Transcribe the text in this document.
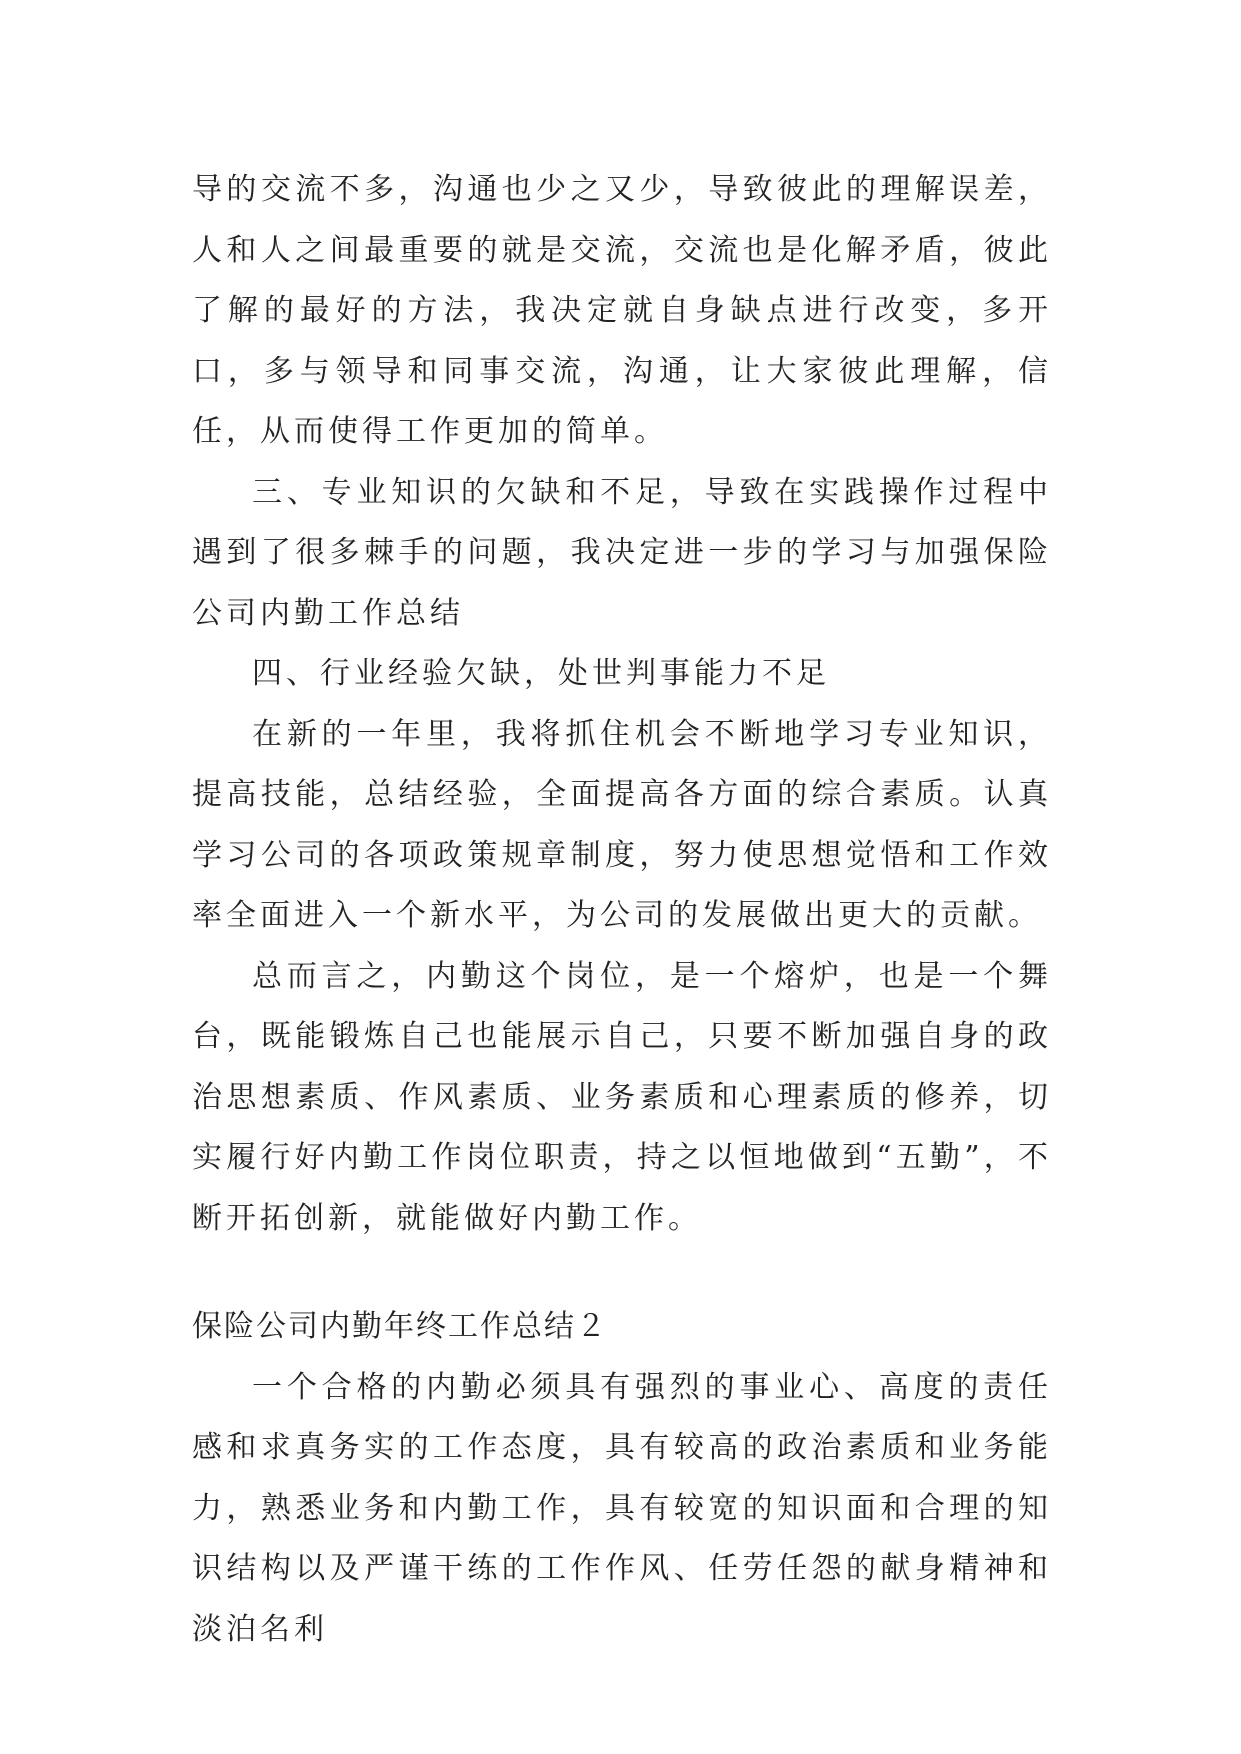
导的交流不多，沟通也少之又少，导致彼此的理解误差，人和人之间最重要的就是交流，交流也是化解矛盾，彼此了解的最好的方法，我决定就自身缺点进行改变，多开口，多与领导和同事交流，沟通，让大家彼此理解，信任，从而使得工作更加的简单。

三、专业知识的欠缺和不足，导致在实践操作过程中遇到了很多棘手的问题，我决定进一步的学习与加强保险公司内勤工作总结

四、行业经验欠缺，处世判事能力不足

在新的一年里，我将抓住机会不断地学习专业知识，提高技能，总结经验，全面提高各方面的综合素质。认真学习公司的各项政策规章制度，努力使思想觉悟和工作效率全面进入一个新水平，为公司的发展做出更大的贡献。

总而言之，内勤这个岗位，是一个熔炉，也是一个舞台，既能锻炼自己也能展示自己，只要不断加强自身的政治思想素质、作风素质、业务素质和心理素质的修养，切实履行好内勤工作岗位职责，持之以恒地做到“五勤”，不断开拓创新，就能做好内勤工作。

保险公司内勤年终工作总结２

一个合格的内勤必须具有强烈的事业心、高度的责任感和求真务实的工作态度，具有较高的政治素质和业务能力，熟悉业务和内勤工作，具有较宽的知识面和合理的知识结构以及严谨干练的工作作风、任劳任怨的献身精神和淡泊名利
